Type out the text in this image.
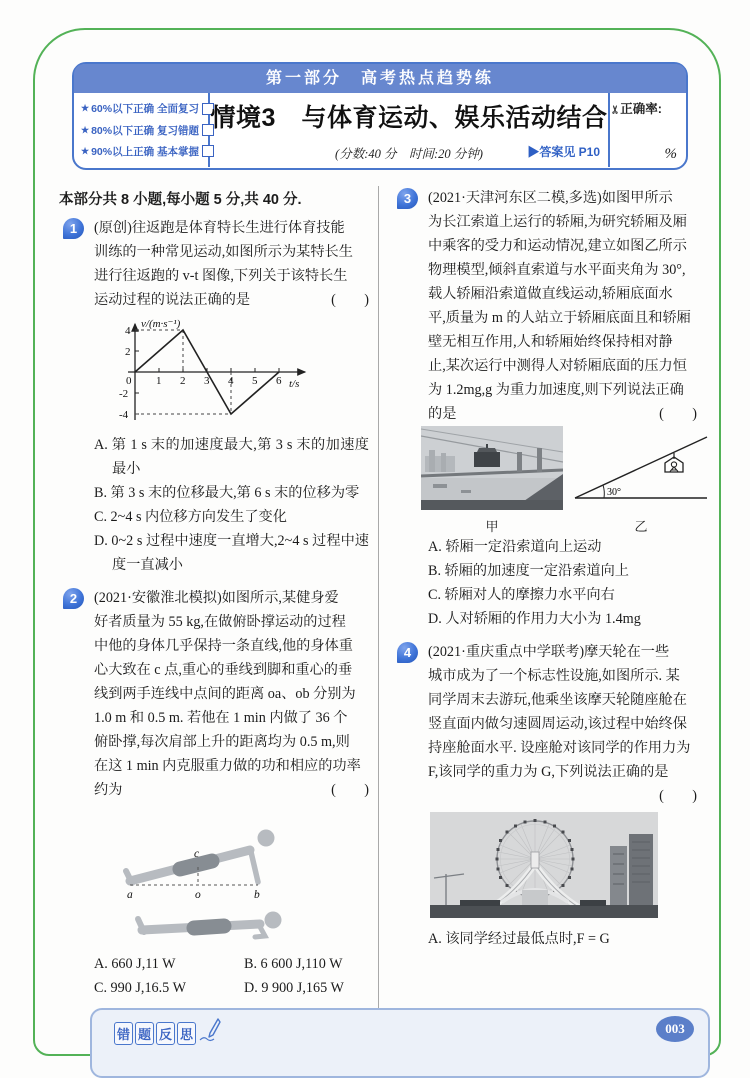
第一部分　高考热点趋势练
★ 60%以下正确 全面复习
★ 80%以下正确 复习错题
★ 90%以上正确 基本掌握
情境3　与体育运动、娱乐活动结合
(分数:40 分　时间:20 分钟)	▶答案见 P10
✂正确率:
%
本部分共 8 小题,每小题 5 分,共 40 分.
1	(原创)往返跑是体育特长生进行体育技能
训练的一种常见运动,如图所示为某特长生
进行往返跑的 v-t 图像,下列关于该特长生
运动过程的说法正确的是	(　　)
v/(m·s⁻¹)
t/s
4
2
0
-2
-4
1 2 3 4 5 6
A. 第 1 s 末的加速度最大,第 3 s 末的加速度最小
B. 第 3 s 末的位移最大,第 6 s 末的位移为零
C. 2~4 s 内位移方向发生了变化
D. 0~2 s 过程中速度一直增大,2~4 s 过程中速度一直减小
2	(2021·安徽淮北模拟)如图所示,某健身爱
好者质量为 55 kg,在做俯卧撑运动的过程
中他的身体几乎保持一条直线,他的身体重
心大致在 c 点,重心的垂线到脚和重心的垂
线到两手连线中点间的距离 oa、ob 分别为
1.0 m 和 0.5 m. 若他在 1 min 内做了 36 个
俯卧撑,每次肩部上升的距离均为 0.5 m,则
在这 1 min 内克服重力做的功和相应的功率
约为	(　　)
c
a	o	b
A. 660 J,11 W	B. 6 600 J,110 W
C. 990 J,16.5 W	D. 9 900 J,165 W
3	(2021·天津河东区二模,多选)如图甲所示
为长江索道上运行的轿厢,为研究轿厢及厢
中乘客的受力和运动情况,建立如图乙所示
物理模型,倾斜直索道与水平面夹角为 30°,
载人轿厢沿索道做直线运动,轿厢底面水
平,质量为 m 的人站立于轿厢底面且和轿厢
壁无相互作用,人和轿厢始终保持相对静
止,某次运行中测得人对轿厢底面的压力恒
为 1.2mg,g 为重力加速度,则下列说法正确
的是	(　　)
甲
30°
乙
A. 轿厢一定沿索道向上运动
B. 轿厢的加速度一定沿索道向上
C. 轿厢对人的摩擦力水平向右
D. 人对轿厢的作用力大小为 1.4mg
4	(2021·重庆重点中学联考)摩天轮在一些
城市成为了一个标志性设施,如图所示. 某
同学周末去游玩,他乘坐该摩天轮随座舱在
竖直面内做匀速圆周运动,该过程中始终保
持座舱面水平. 设座舱对该同学的作用力为
F,该同学的重力为 G,下列说法正确的是
(　　)
A. 该同学经过最低点时,F = G
错 题 反 思	003
